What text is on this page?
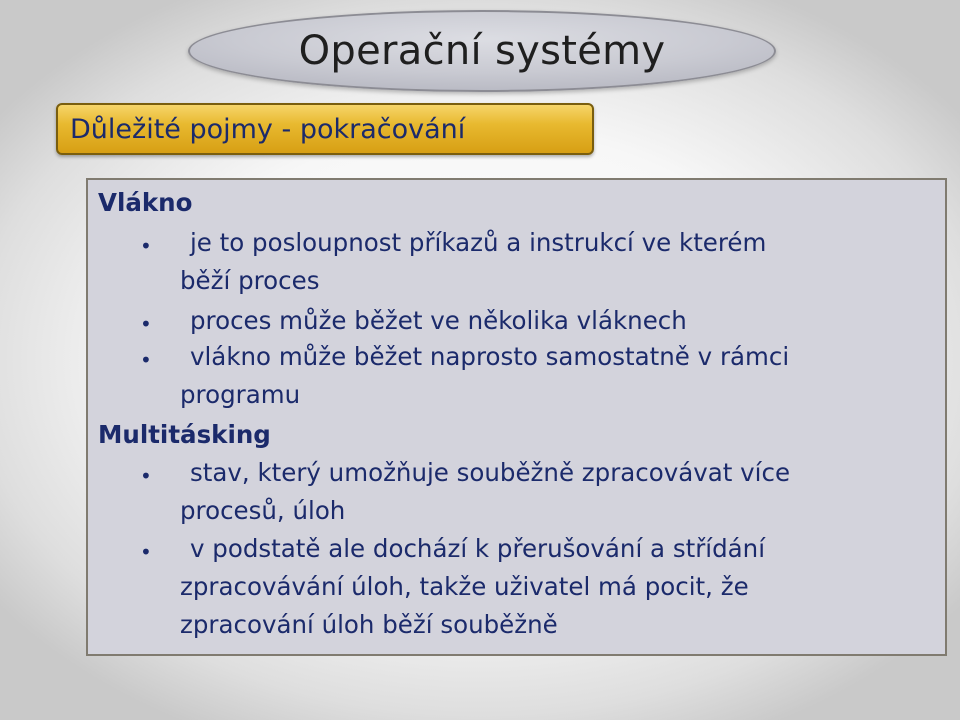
Operační systémy
Důležité pojmy - pokračování
Vlákno
• je to posloupnost příkazů a instrukcí ve kterém
běží proces
• proces může běžet ve několika vláknech
• vlákno může běžet naprosto samostatně v rámci
programu
Multitásking
• stav, který umožňuje souběžně zpracovávat více
procesů, úloh
• v podstatě ale dochází k přerušování a střídání
zpracovávání úloh, takže uživatel má pocit, že
zpracování úloh běží souběžně
